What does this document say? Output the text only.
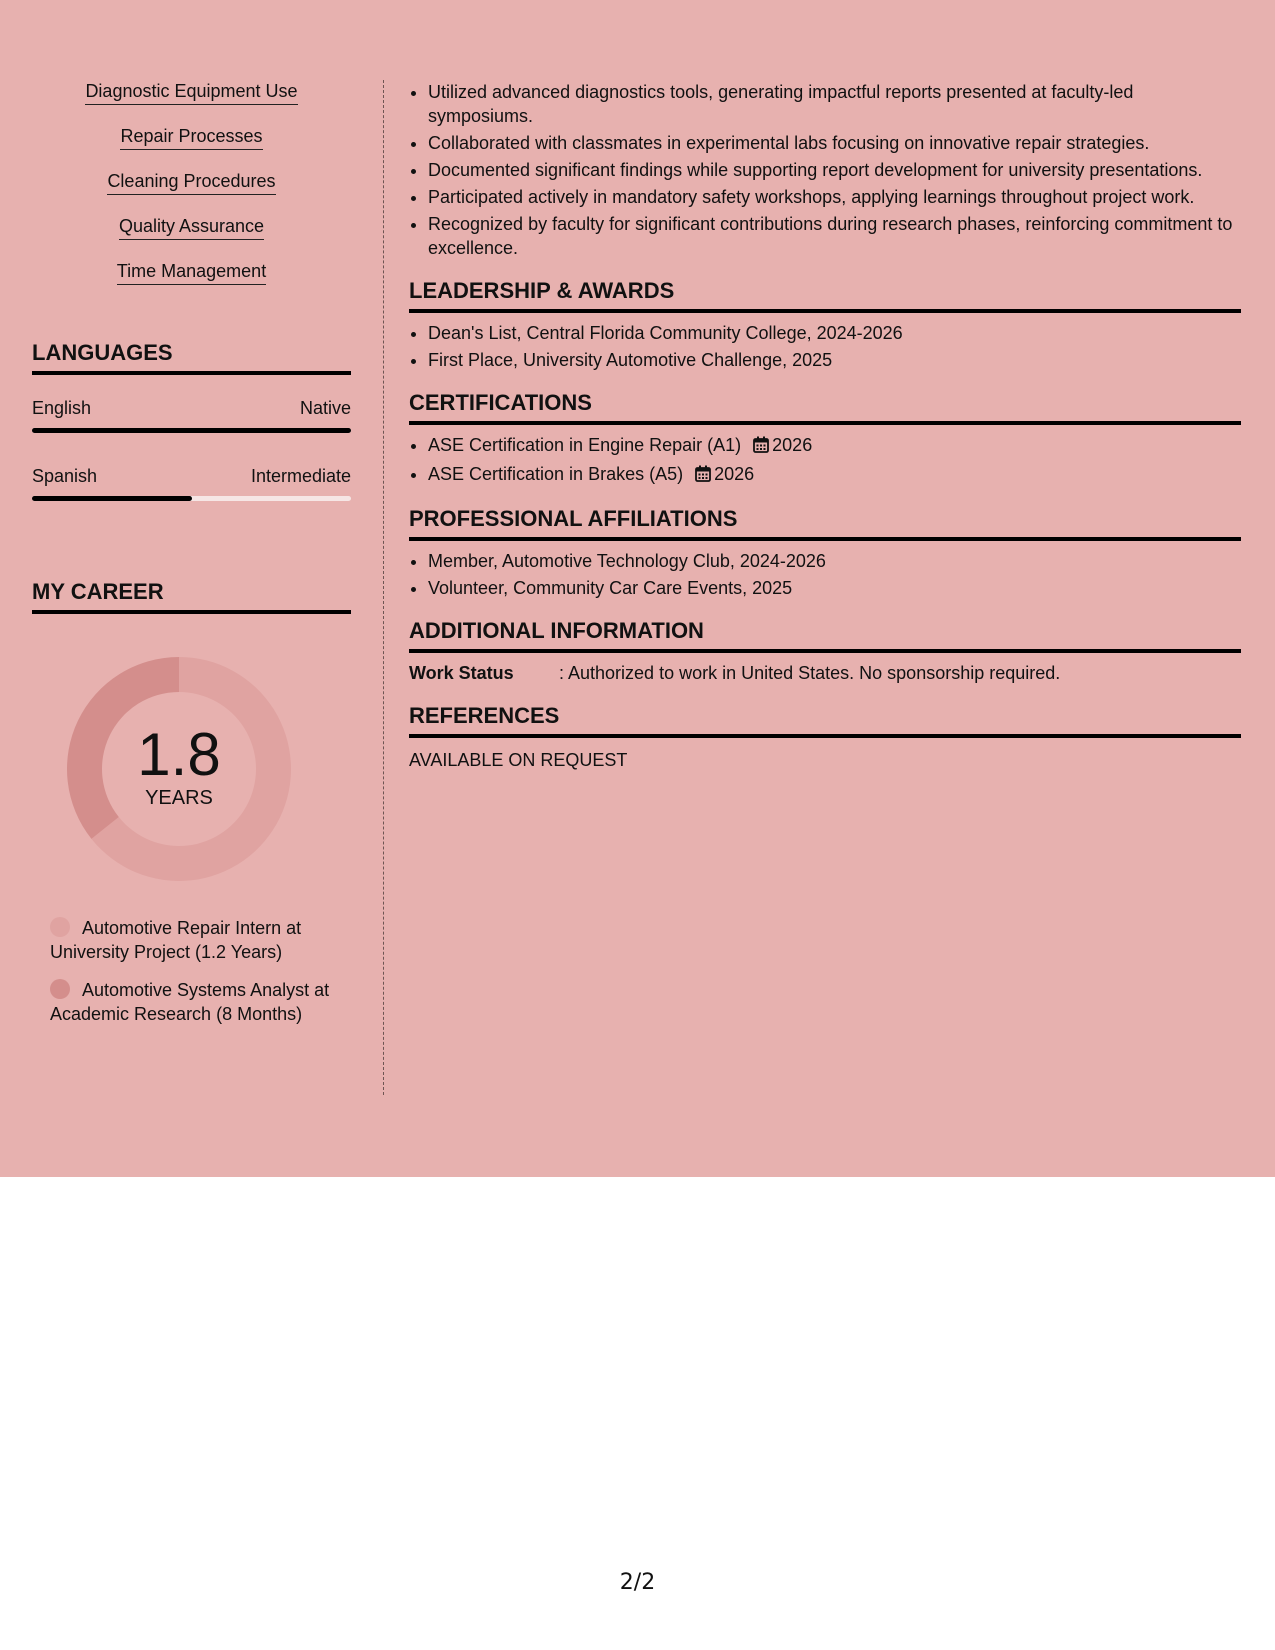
Diagnostic Equipment Use
Repair Processes
Cleaning Procedures
Quality Assurance
Time Management
LANGUAGES
English	Native
Spanish	Intermediate
MY CAREER
1.8
YEARS
Automotive Repair Intern at University Project (1.2 Years)
Automotive Systems Analyst at Academic Research (8 Months)
• Utilized advanced diagnostics tools, generating impactful reports presented at faculty-led symposiums.
• Collaborated with classmates in experimental labs focusing on innovative repair strategies.
• Documented significant findings while supporting report development for university presentations.
• Participated actively in mandatory safety workshops, applying learnings throughout project work.
• Recognized by faculty for significant contributions during research phases, reinforcing commitment to excellence.
LEADERSHIP & AWARDS
• Dean's List, Central Florida Community College, 2024-2026
• First Place, University Automotive Challenge, 2025
CERTIFICATIONS
• ASE Certification in Engine Repair (A1) 2026
• ASE Certification in Brakes (A5) 2026
PROFESSIONAL AFFILIATIONS
• Member, Automotive Technology Club, 2024-2026
• Volunteer, Community Car Care Events, 2025
ADDITIONAL INFORMATION
Work Status	: Authorized to work in United States. No sponsorship required.
REFERENCES
AVAILABLE ON REQUEST
2/2
